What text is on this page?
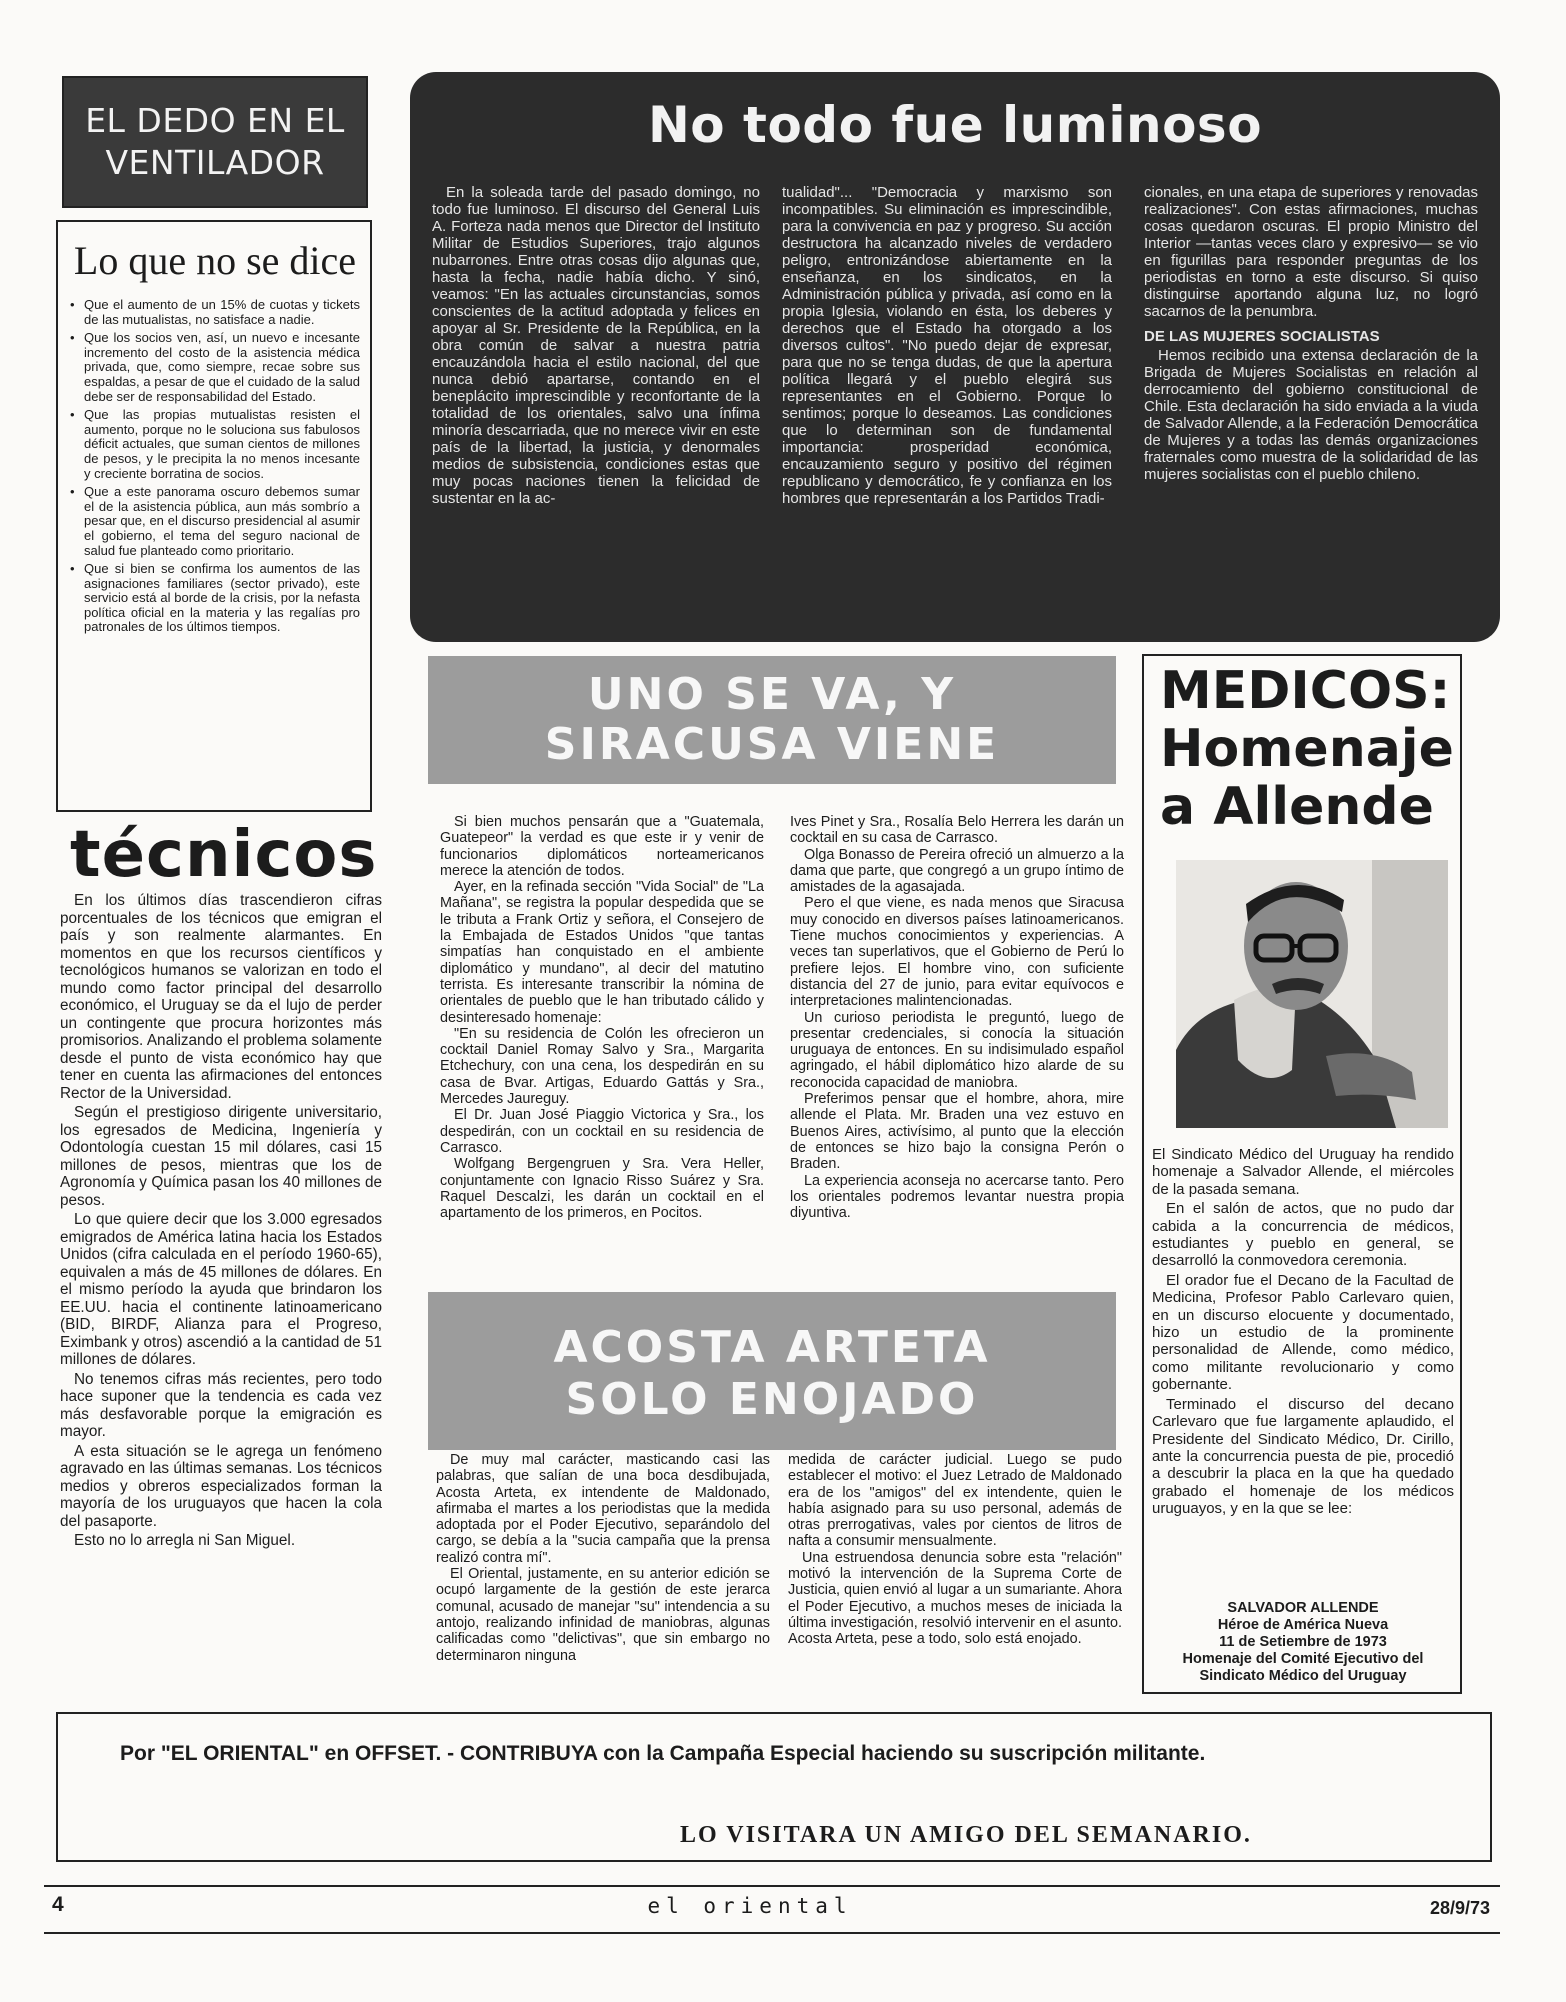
EL DEDO EN EL
VENTILADOR
Lo que no se dice
• Que el aumento de un 15% de cuotas y tickets de las mutualistas, no satisface a nadie.
• Que los socios ven, así, un nuevo e incesante incremento del costo de la asistencia médica privada, que, como siempre, recae sobre sus espaldas, a pesar de que el cuidado de la salud debe ser de responsabilidad del Estado.
• Que las propias mutualistas resisten el aumento, porque no le soluciona sus fabulosos déficit actuales, que suman cientos de millones de pesos, y le precipita la no menos incesante y creciente borratina de socios.
• Que a este panorama oscuro debemos sumar el de la asistencia pública, aun más sombrío a pesar que, en el discurso presidencial al asumir el gobierno, el tema del seguro nacional de salud fue planteado como prioritario.
• Que si bien se confirma los aumentos de las asignaciones familiares (sector privado), este servicio está al borde de la crisis, por la nefasta política oficial en la materia y las regalías pro patronales de los últimos tiempos.
técnicos

En los últimos días trascendieron cifras porcentuales de los técnicos que emigran el país y son realmente alarmantes. En momentos en que los recursos científicos y tecnológicos humanos se valorizan en todo el mundo como factor principal del desarrollo económico, el Uruguay se da el lujo de perder un contingente que procura horizontes más promisorios. Analizando el problema solamente desde el punto de vista económico hay que tener en cuenta las afirmaciones del entonces Rector de la Universidad.

Según el prestigioso dirigente universitario, los egresados de Medicina, Ingeniería y Odontología cuestan 15 mil dólares, casi 15 millones de pesos, mientras que los de Agronomía y Química pasan los 40 millones de pesos.

Lo que quiere decir que los 3.000 egresados emigrados de América latina hacia los Estados Unidos (cifra calculada en el período 1960-65), equivalen a más de 45 millones de dólares. En el mismo período la ayuda que brindaron los EE.UU. hacia el continente latinoamericano (BID, BIRDF, Alianza para el Progreso, Eximbank y otros) ascendió a la cantidad de 51 millones de dólares.

No tenemos cifras más recientes, pero todo hace suponer que la tendencia es cada vez más desfavorable porque la emigración es mayor.

A esta situación se le agrega un fenómeno agravado en las últimas semanas. Los técnicos medios y obreros especializados forman la mayoría de los uruguayos que hacen la cola del pasaporte.

Esto no lo arregla ni San Miguel.

No todo fue luminoso

En la soleada tarde del pasado domingo, no todo fue luminoso. El discurso del General Luis A. Forteza nada menos que Director del Instituto Militar de Estudios Superiores, trajo algunos nubarrones. Entre otras cosas dijo algunas que, hasta la fecha, nadie había dicho. Y sinó, veamos: "En las actuales circunstancias, somos conscientes de la actitud adoptada y felices en apoyar al Sr. Presidente de la República, en la obra común de salvar a nuestra patria encauzándola hacia el estilo nacional, del que nunca debió apartarse, contando en el beneplácito imprescindible y reconfortante de la totalidad de los orientales, salvo una ínfima minoría descarriada, que no merece vivir en este país de la libertad, la justicia, y denormales medios de subsistencia, condiciones estas que muy pocas naciones tienen la felicidad de sustentar en la ac-

tualidad"... "Democracia y marxismo son incompatibles. Su eliminación es imprescindible, para la convivencia en paz y progreso. Su acción destructora ha alcanzado niveles de verdadero peligro, entronizándose abiertamente en la enseñanza, en los sindicatos, en la Administración pública y privada, así como en la propia Iglesia, violando en ésta, los deberes y derechos que el Estado ha otorgado a los diversos cultos". "No puedo dejar de expresar, para que no se tenga dudas, de que la apertura política llegará y el pueblo elegirá sus representantes en el Gobierno. Porque lo sentimos; porque lo deseamos. Las condiciones que lo determinan son de fundamental importancia: prosperidad económica, encauzamiento seguro y positivo del régimen republicano y democrático, fe y confianza en los hombres que representarán a los Partidos Tradi-

cionales, en una etapa de superiores y renovadas realizaciones". Con estas afirmaciones, muchas cosas quedaron oscuras. El propio Ministro del Interior —tantas veces claro y expresivo— se vio en figurillas para responder preguntas de los periodistas en torno a este discurso. Si quiso distinguirse aportando alguna luz, no logró sacarnos de la penumbra.

DE LAS MUJERES SOCIALISTAS

Hemos recibido una extensa declaración de la Brigada de Mujeres Socialistas en relación al derrocamiento del gobierno constitucional de Chile. Esta declaración ha sido enviada a la viuda de Salvador Allende, a la Federación Democrática de Mujeres y a todas las demás organizaciones fraternales como muestra de la solidaridad de las mujeres socialistas con el pueblo chileno.

UNO SE VA, Y
SIRACUSA VIENE

Si bien muchos pensarán que a "Guatemala, Guatepeor" la verdad es que este ir y venir de funcionarios diplomáticos norteamericanos merece la atención de todos.

Ayer, en la refinada sección "Vida Social" de "La Mañana", se registra la popular despedida que se le tributa a Frank Ortiz y señora, el Consejero de la Embajada de Estados Unidos "que tantas simpatías han conquistado en el ambiente diplomático y mundano", al decir del matutino terrista. Es interesante transcribir la nómina de orientales de pueblo que le han tributado cálido y desinteresado homenaje:

"En su residencia de Colón les ofrecieron un cocktail Daniel Romay Salvo y Sra., Margarita Etchechury, con una cena, los despedirán en su casa de Bvar. Artigas, Eduardo Gattás y Sra., Mercedes Jaureguy.

El Dr. Juan José Piaggio Victorica y Sra., los despedirán, con un cocktail en su residencia de Carrasco.

Wolfgang Bergengruen y Sra. Vera Heller, conjuntamente con Ignacio Risso Suárez y Sra. Raquel Descalzi, les darán un cocktail en el apartamento de los primeros, en Pocitos.

Ives Pinet y Sra., Rosalía Belo Herrera les darán un cocktail en su casa de Carrasco.

Olga Bonasso de Pereira ofreció un almuerzo a la dama que parte, que congregó a un grupo íntimo de amistades de la agasajada.

Pero el que viene, es nada menos que Siracusa muy conocido en diversos países latinoamericanos. Tiene muchos conocimientos y experiencias. A veces tan superlativos, que el Gobierno de Perú lo prefiere lejos. El hombre vino, con suficiente distancia del 27 de junio, para evitar equívocos e interpretaciones malintencionadas.

Un curioso periodista le preguntó, luego de presentar credenciales, si conocía la situación uruguaya de entonces. En su indisimulado español agringado, el hábil diplomático hizo alarde de su reconocida capacidad de maniobra.

Preferimos pensar que el hombre, ahora, mire allende el Plata. Mr. Braden una vez estuvo en Buenos Aires, activísimo, al punto que la elección de entonces se hizo bajo la consigna Perón o Braden.

La experiencia aconseja no acercarse tanto. Pero los orientales podremos levantar nuestra propia diyuntiva.

ACOSTA ARTETA
SOLO ENOJADO

De muy mal carácter, masticando casi las palabras, que salían de una boca desdibujada, Acosta Arteta, ex intendente de Maldonado, afirmaba el martes a los periodistas que la medida adoptada por el Poder Ejecutivo, separándolo del cargo, se debía a la "sucia campaña que la prensa realizó contra mí".

El Oriental, justamente, en su anterior edición se ocupó largamente de la gestión de este jerarca comunal, acusado de manejar "su" intendencia a su antojo, realizando infinidad de maniobras, algunas calificadas como "delictivas", que sin embargo no determinaron ninguna

medida de carácter judicial. Luego se pudo establecer el motivo: el Juez Letrado de Maldonado era de los "amigos" del ex intendente, quien le había asignado para su uso personal, además de otras prerrogativas, vales por cientos de litros de nafta a consumir mensualmente.

Una estruendosa denuncia sobre esta "relación" motivó la intervención de la Suprema Corte de Justicia, quien envió al lugar a un sumariante. Ahora el Poder Ejecutivo, a muchos meses de iniciada la última investigación, resolvió intervenir en el asunto. Acosta Arteta, pese a todo, solo está enojado.

MEDICOS:
Homenaje
a Allende

El Sindicato Médico del Uruguay ha rendido homenaje a Salvador Allende, el miércoles de la pasada semana.

En el salón de actos, que no pudo dar cabida a la concurrencia de médicos, estudiantes y pueblo en general, se desarrolló la conmovedora ceremonia.

El orador fue el Decano de la Facultad de Medicina, Profesor Pablo Carlevaro quien, en un discurso elocuente y documentado, hizo un estudio de la prominente personalidad de Allende, como médico, como militante revolucionario y como gobernante.

Terminado el discurso del decano Carlevaro que fue largamente aplaudido, el Presidente del Sindicato Médico, Dr. Cirillo, ante la concurrencia puesta de pie, procedió a descubrir la placa en la que ha quedado grabado el homenaje de los médicos uruguayos, y en la que se lee:

SALVADOR ALLENDE
Héroe de América Nueva
11 de Setiembre de 1973
Homenaje del Comité Ejecutivo del
Sindicato Médico del Uruguay
Por "EL ORIENTAL" en OFFSET. - CONTRIBUYA con la Campaña Especial haciendo su suscripción militante.
LO VISITARA UN AMIGO DEL SEMANARIO.
4	el oriental	28/9/73
